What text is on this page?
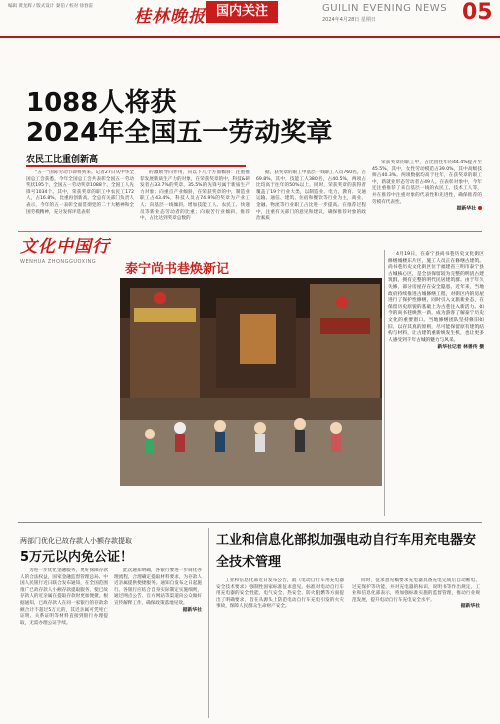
编辑 黄龙辉 / 版式设计 秦伯 / 校对 徐春雷
桂林晚报 国内关注	GUILIN EVENING NEWS
2024年4月28日 星期日	05
1088人将获
2024年全国五一劳动奖章
农民工比重创新高

“五一”国际劳动节即将到来。记者27日从中华全国总工会获悉，今年全国总工会共表彰全国五一劳动奖状195个、全国五一劳动奖章1088个、全国工人先锋号1034个。其中，荣获奖章的职工中农民工172人，占16.8%，比重再创新高。全总有关部门负责人表示，今年的五一表彰全面贯彻党的二十大精神和全国劳模精神，充分发挥评选表彰

的激励导向作用，向以下几个方面倾斜：注重推荐发展新质生产力的对象，在荣获奖章的中，科技&研发者占33.7%的奖章、35.5%的先锋号属于新质生产力对象；向重点产业倾斜，在荣获奖章的中，制造业职工占43.4%，科技人员占74.9%的奖章为产业工人；向基层一线倾斜，增加技能工人、农民工、快递员等新业态劳动者的比重；向艰苦行业倾斜，推荐中，占比达到奖章总数的

据，获奖章的职工中基层一线职工人员760名，占69.8%，其中，技能工人380名，占40.5%，两项占比均高于往年的50%以上。同时，荣获奖章的获得者覆盖了19个行业大类，以制造业、电力、教育、交通运输、通信、建筑、住宿和餐饮等行业为主，商业、金融、物流等行业职工占比进一步提高。在推荐过程中，注重有关部门的意见和建议，确保推荐对象的政治素质

荣获奖章的职工中，占比由往年的44.4%提升至45.5%，其中，女性劳动模范占39.0%，其中高级技师占40.3%。两项数据均高于往年，在获奖章的职工中，新就业形态劳动者占49人。在表彰对象中，今年还注重推荐了来自基层一线的农民工、技术工人等，并在推荐中注重对象的代表性和先进性，确保推荐的劳模有代表性。

据新华社
文化中国行
WENHUA ZHONGGUOXING	泰宁尚书巷焕新记

4月19日，在泰宁县尚书巷历史文化街区修缮城楼东片区，施工人员正在修缮古建筑。尚书巷历史文化街区位于福建省三明市泰宁县古城核心区，是全县保留较为完整的明清古建筑群，拥有完整的明代民居建筑群。由于年久失修，部分房屋存在安全隐患。近年来，当地政府持续推进古城修缮工程，对街区内的房屋进行了保护性修缮，同时引入文旅新业态，在保留历史原貌的基础上为古巷注入新活力。如今的尚书巷焕然一新，成为游客了解泰宁历史文化的重要窗口。当地修缮团队坚持修旧如旧、以存其真的原则，尽可能保留原有建筑结构与材料，让古建筑重新焕发生机，也让更多人感受到千年古城的魅力与风采。

新华社记者 林善传 摄
两部门优化已故存款人小额存款提取
5万元以内免公证！

为进一步优化金融服务，更好保障存款人的合法权益，国家金融监督管理总局、中国人民银行近日联合发布通知，在全国范围推广已故存款人小额存款提取服务，使已故存款人的近亲属在提取存款时更加便捷。根据通知，已故存款人在同一家银行的存款余额合计不超过5万元的，其近亲属可凭死亡证明、关系证明等材料直接到银行办理提取，无需办理公证手续。

此次通知明确，各银行要进一步简化办理流程，合理确定提取材料要求，为存款人近亲属提供便捷服务。通知自发布之日起施行。各银行应结合自身实际制定实施细则，通过网点公告、官方网站等渠道向公众做好宣传解释工作，确保政策落地见效。

据新华社
工业和信息化部拟加强电动自行车用充电器安全技术管理

工业和信息化部近日发布公告，就《电动自行车用充电器安全技术要求》强制性国家标准征求意见。标准对电动自行车用充电器的安全性能、电气安全、热安全、防火阻燃等方面提出了明确要求，旨在从源头上防范电动自行车充电引发的火灾事故，保障人民群众生命财产安全。

同时，征求意见稿要求充电器具备充电完成后自动断电、过充保护等功能，并对充电器的标识、说明书等作出规定。工业和信息化部表示，将加强标准实施的监督管理，推动行业规范发展，提升电动自行车充电安全水平。

据新华社
